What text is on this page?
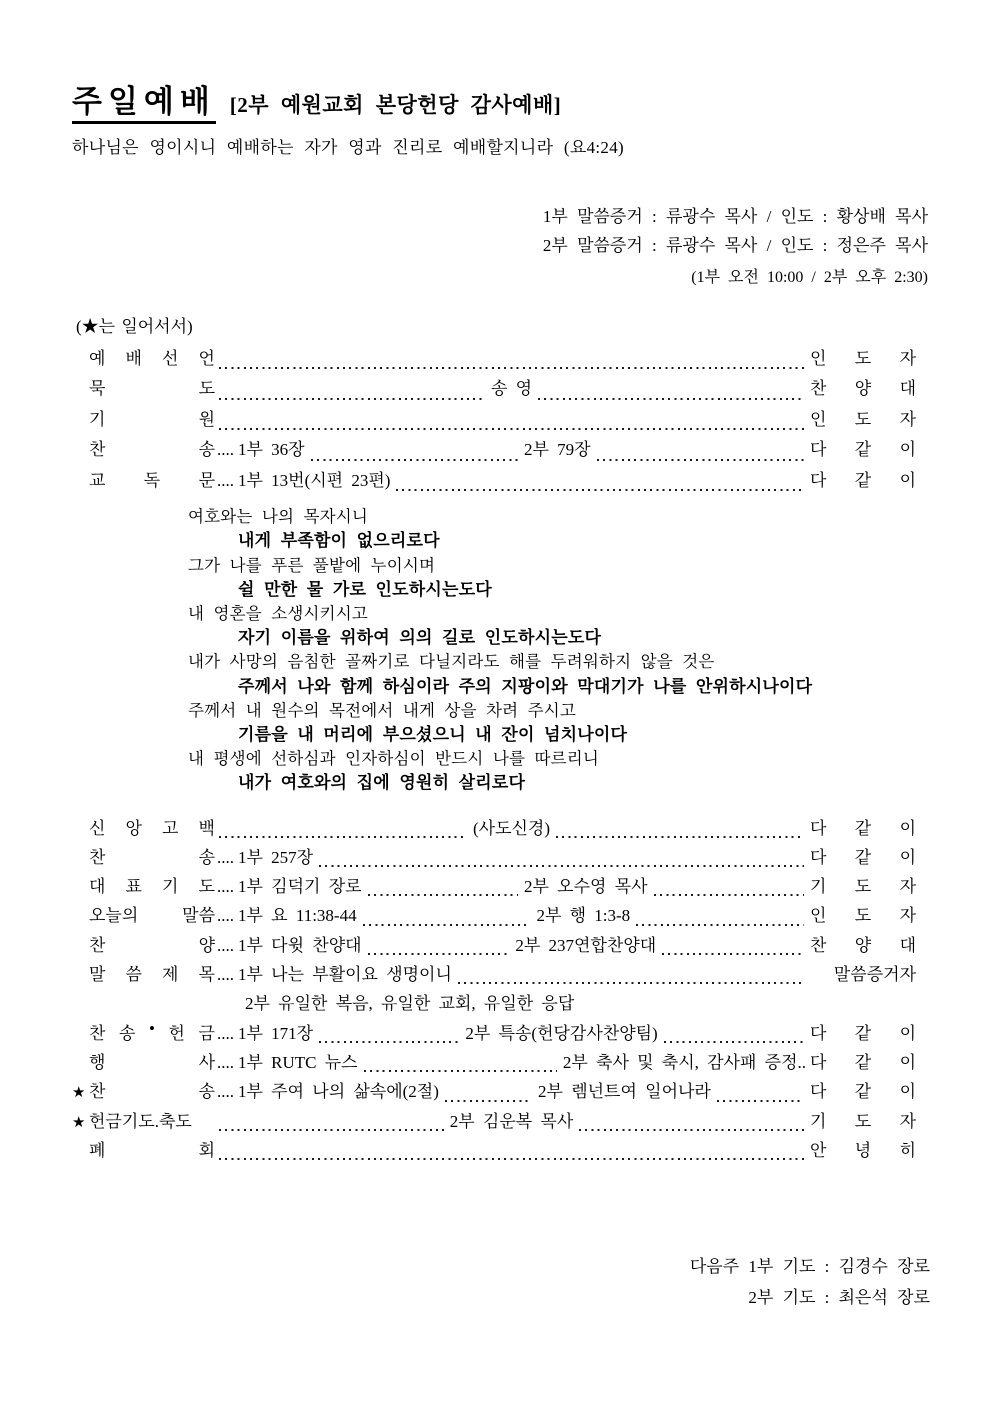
주일예배 [2부 예원교회 본당헌당 감사예배]
하나님은 영이시니 예배하는 자가 영과 진리로 예배할지니라 (요4:24)
1부 말씀증거 : 류광수 목사 / 인도 : 황상배 목사
2부 말씀증거 : 류광수 목사 / 인도 : 정은주 목사
(1부 오전 10:00 / 2부 오후 2:30)
(★는 일어서서)
예 배 선 언	인 도 자
묵	도	송 영	찬 양 대
기	원	인 도 자
찬	송 .... 1부 36장	2부 79장	다 같 이
교 독 문 .... 1부 13번(시편 23편)	다 같 이
여호와는 나의 목자시니
내게 부족함이 없으리로다
그가 나를 푸른 풀밭에 누이시며
쉴 만한 물 가로 인도하시는도다
내 영혼을 소생시키시고
자기 이름을 위하여 의의 길로 인도하시는도다
내가 사망의 음침한 골짜기로 다닐지라도 해를 두려워하지 않을 것은
주께서 나와 함께 하심이라 주의 지팡이와 막대기가 나를 안위하시나이다
주께서 내 원수의 목전에서 내게 상을 차려 주시고
기름을 내 머리에 부으셨으니 내 잔이 넘치나이다
내 평생에 선하심과 인자하심이 반드시 나를 따르리니
내가 여호와의 집에 영원히 살리로다
신 앙 고 백	(사도신경)	다 같 이
찬	송 .... 1부 257장	다 같 이
대 표 기 도 .... 1부 김덕기 장로	2부 오수영 목사	기 도 자
오늘의	말씀 .... 1부 요 11:38-44	2부 행 1:3-8	인 도 자
찬	양 .... 1부 다윗 찬양대	2부 237연합찬양대	찬 양 대
말 씀 제 목 .... 1부 나는 부활이요 생명이니	말씀증거자
2부 유일한 복음, 유일한 교회, 유일한 응답
찬 송 • 헌 금 .... 1부 171장	2부 특송(헌당감사찬양팀)	다 같 이
행	사 .... 1부 RUTC 뉴스	2부 축사 및 축시, 감사패 증정.. 다 같 이
★ 찬	송 .... 1부 주여 나의 삶속에(2절)	2부 렘넌트여 일어나라	다 같 이
★ 헌금기도.축도	2부 김운복 목사	기 도 자
폐	회	안 녕 히
다음주 1부 기도 : 김경수 장로
2부 기도 : 최은석 장로
